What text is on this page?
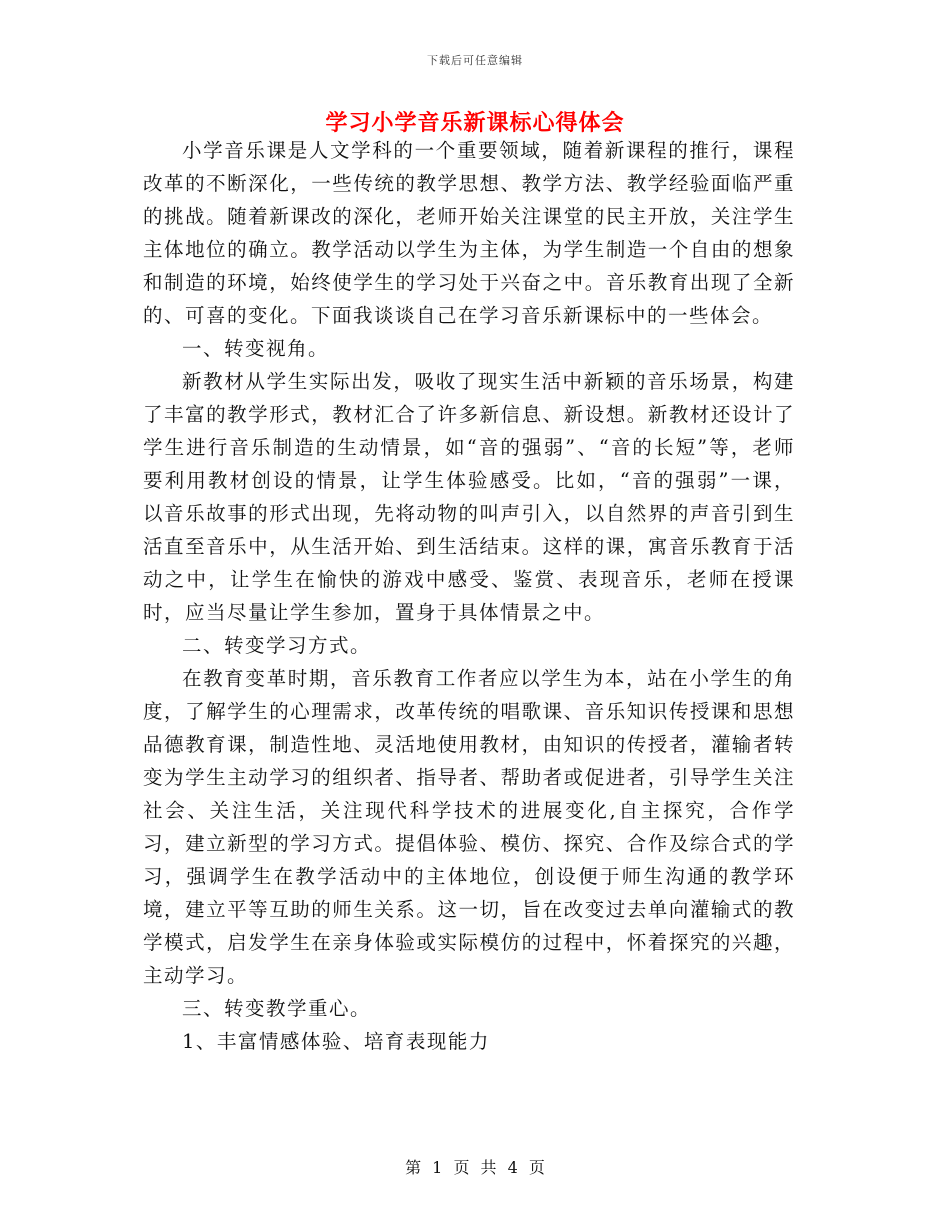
下载后可任意编辑
学习小学音乐新课标心得体会

小学音乐课是人文学科的一个重要领域，随着新课程的推行，课程改革的不断深化，一些传统的教学思想、教学方法、教学经验面临严重的挑战。随着新课改的深化，老师开始关注课堂的民主开放，关注学生主体地位的确立。教学活动以学生为主体，为学生制造一个自由的想象和制造的环境，始终使学生的学习处于兴奋之中。音乐教育出现了全新的、可喜的变化。下面我谈谈自己在学习音乐新课标中的一些体会。

一、转变视角。

新教材从学生实际出发，吸收了现实生活中新颖的音乐场景，构建了丰富的教学形式，教材汇合了许多新信息、新设想。新教材还设计了学生进行音乐制造的生动情景，如“音的强弱”、“音的长短”等，老师要利用教材创设的情景，让学生体验感受。比如，“音的强弱”一课，以音乐故事的形式出现，先将动物的叫声引入，以自然界的声音引到生活直至音乐中，从生活开始、到生活结束。这样的课，寓音乐教育于活动之中，让学生在愉快的游戏中感受、鉴赏、表现音乐，老师在授课时，应当尽量让学生参加，置身于具体情景之中。

二、转变学习方式。

在教育变革时期，音乐教育工作者应以学生为本，站在小学生的角度，了解学生的心理需求，改革传统的唱歌课、音乐知识传授课和思想品德教育课，制造性地、灵活地使用教材，由知识的传授者，灌输者转变为学生主动学习的组织者、指导者、帮助者或促进者，引导学生关注社会、关注生活，关注现代科学技术的进展变化,自主探究，合作学习，建立新型的学习方式。提倡体验、模仿、探究、合作及综合式的学习，强调学生在教学活动中的主体地位，创设便于师生沟通的教学环境，建立平等互助的师生关系。这一切，旨在改变过去单向灌输式的教学模式，启发学生在亲身体验或实际模仿的过程中，怀着探究的兴趣，主动学习。

三、转变教学重心。

1、丰富情感体验、培育表现能力

第 1 页 共 4 页
